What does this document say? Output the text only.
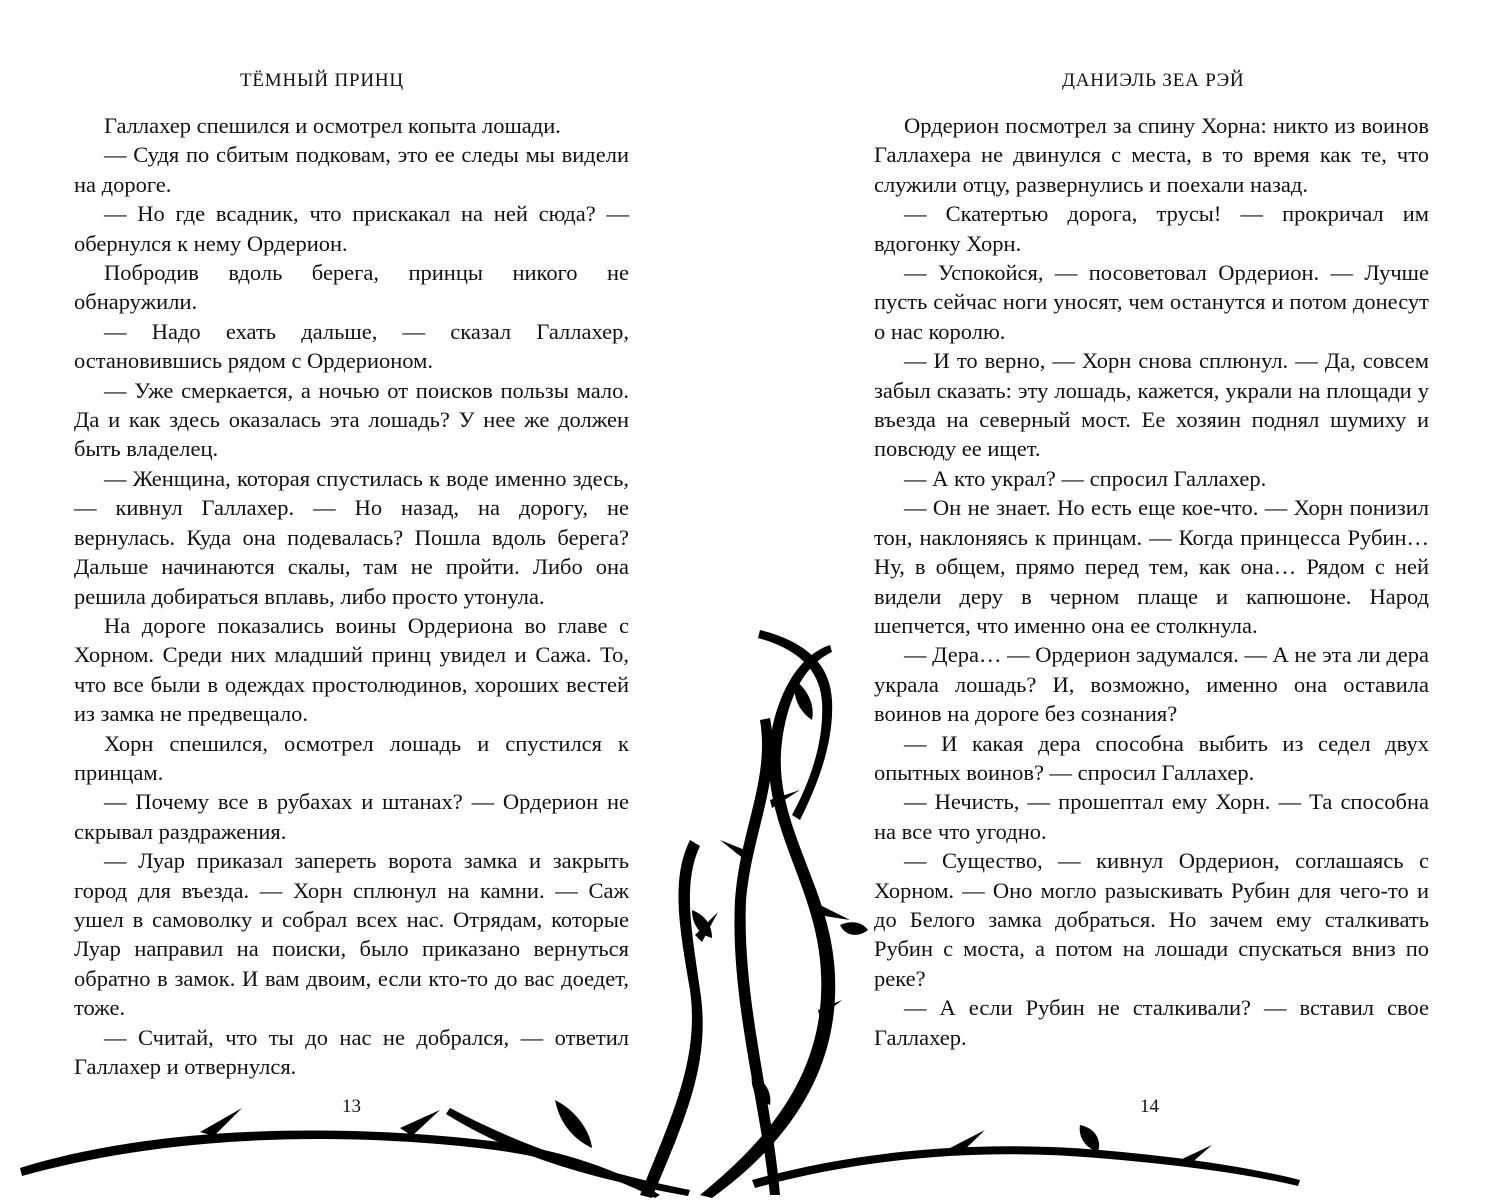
ТЁМНЫЙ ПРИНЦ

Галлахер спешился и осмотрел копыта лошади.

— Судя по сбитым подковам, это ее следы мы видели на дороге.

— Но где всадник, что прискакал на ней сюда? — обернулся к нему Ордерион.

Побродив вдоль берега, принцы никого не обнаружили.

— Надо ехать дальше, — сказал Галлахер, остановившись рядом с Ордерионом.

— Уже смеркается, а ночью от поисков пользы мало. Да и как здесь оказалась эта лошадь? У нее же должен быть владелец.

— Женщина, которая спустилась к воде именно здесь, — кивнул Галлахер. — Но назад, на дорогу, не вернулась. Куда она подевалась? Пошла вдоль берега? Дальше начинаются скалы, там не пройти. Либо она решила добираться вплавь, либо просто утонула.

На дороге показались воины Ордериона во главе с Хорном. Среди них младший принц увидел и Сажа. То, что все были в одеждах простолюдинов, хороших вестей из замка не предвещало.

Хорн спешился, осмотрел лошадь и спустился к принцам.

— Почему все в рубахах и штанах? — Ордерион не скрывал раздражения.

— Луар приказал запереть ворота замка и закрыть город для въезда. — Хорн сплюнул на камни. — Саж ушел в самоволку и собрал всех нас. Отрядам, которые Луар направил на поиски, было приказано вернуться обратно в замок. И вам двоим, если кто-то до вас доедет, тоже.

— Считай, что ты до нас не добрался, — ответил Галлахер и отвернулся.

13
ДАНИЭЛЬ ЗЕА РЭЙ

Ордерион посмотрел за спину Хорна: никто из воинов Галлахера не двинулся с места, в то время как те, что служили отцу, развернулись и поехали назад.

— Скатертью дорога, трусы! — прокричал им вдогонку Хорн.

— Успокойся, — посоветовал Ордерион. — Лучше пусть сейчас ноги уносят, чем останутся и потом донесут о нас королю.

— И то верно, — Хорн снова сплюнул. — Да, совсем забыл сказать: эту лошадь, кажется, украли на площади у въезда на северный мост. Ее хозяин поднял шумиху и повсюду ее ищет.

— А кто украл? — спросил Галлахер.

— Он не знает. Но есть еще кое-что. — Хорн понизил тон, наклоняясь к принцам. — Когда принцесса Рубин… Ну, в общем, прямо перед тем, как она… Рядом с ней видели деру в черном плаще и капюшоне. Народ шепчется, что именно она ее столкнула.

— Дера… — Ордерион задумался. — А не эта ли дера украла лошадь? И, возможно, именно она оставила воинов на дороге без сознания?

— И какая дера способна выбить из седел двух опытных воинов? — спросил Галлахер.

— Нечисть, — прошептал ему Хорн. — Та способна на все что угодно.

— Существо, — кивнул Ордерион, соглашаясь с Хорном. — Оно могло разыскивать Рубин для чего-то и до Белого замка добраться. Но зачем ему сталкивать Рубин с моста, а потом на лошади спускаться вниз по реке?

— А если Рубин не сталкивали? — вставил свое Галлахер.

14
